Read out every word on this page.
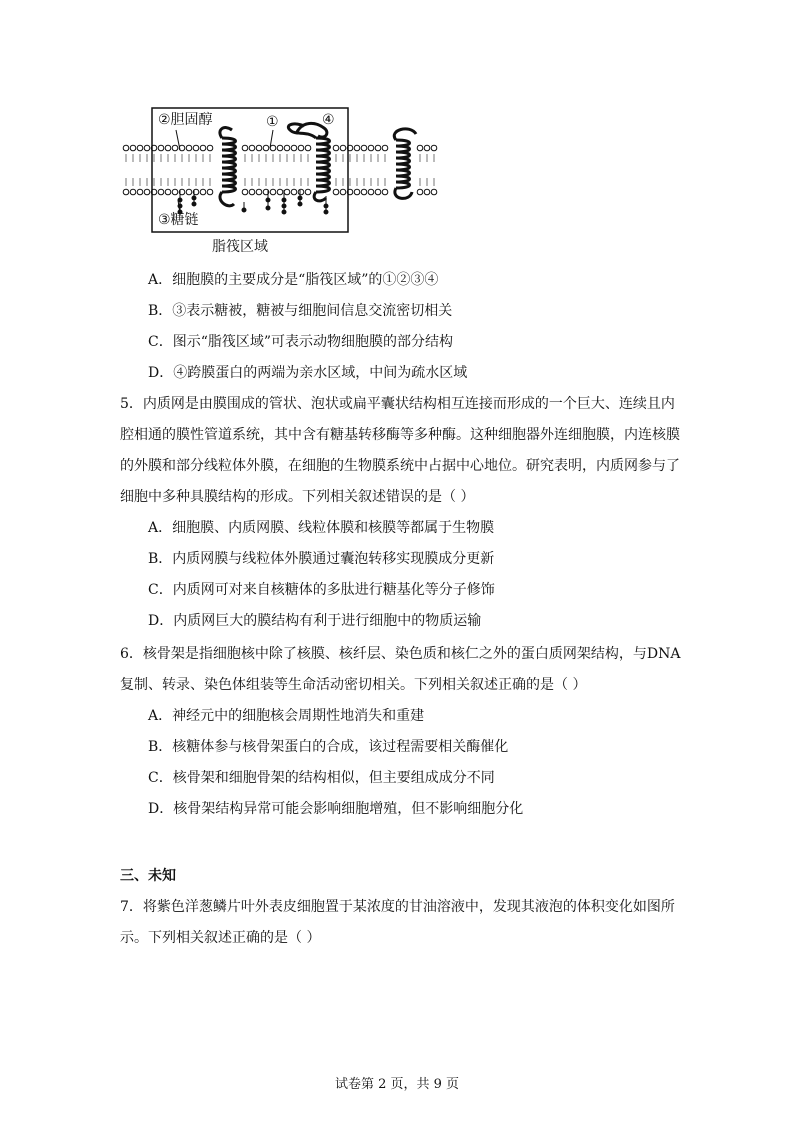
②胆固醇	①	④
③糖链
脂筏区域
A．细胞膜的主要成分是“脂筏区域”的①②③④
B．③表示糖被，糖被与细胞间信息交流密切相关
C．图示“脂筏区域”可表示动物细胞膜的部分结构
D．④跨膜蛋白的两端为亲水区域，中间为疏水区域
5．内质网是由膜围成的管状、泡状或扁平囊状结构相互连接而形成的一个巨大、连续且内
腔相通的膜性管道系统，其中含有糖基转移酶等多种酶。这种细胞器外连细胞膜，内连核膜
的外膜和部分线粒体外膜，在细胞的生物膜系统中占据中心地位。研究表明，内质网参与了
细胞中多种具膜结构的形成。下列相关叙述错误的是（ ）
A．细胞膜、内质网膜、线粒体膜和核膜等都属于生物膜
B．内质网膜与线粒体外膜通过囊泡转移实现膜成分更新
C．内质网可对来自核糖体的多肽进行糖基化等分子修饰
D．内质网巨大的膜结构有利于进行细胞中的物质运输
6．核骨架是指细胞核中除了核膜、核纤层、染色质和核仁之外的蛋白质网架结构，与DNA
复制、转录、染色体组装等生命活动密切相关。下列相关叙述正确的是（ ）
A．神经元中的细胞核会周期性地消失和重建
B．核糖体参与核骨架蛋白的合成，该过程需要相关酶催化
C．核骨架和细胞骨架的结构相似，但主要组成成分不同
D．核骨架结构异常可能会影响细胞增殖，但不影响细胞分化
三、未知
7．将紫色洋葱鳞片叶外表皮细胞置于某浓度的甘油溶液中，发现其液泡的体积变化如图所
示。下列相关叙述正确的是（ ）
试卷第 2 页，共 9 页
